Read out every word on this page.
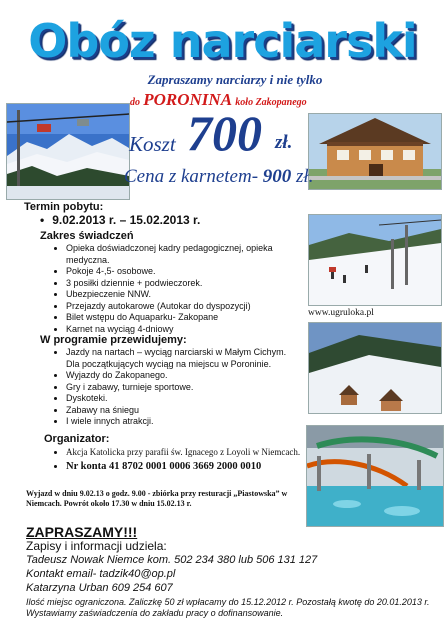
Obóz narciarski
Zapraszamy narciarzy i nie tylko
do PORONINA koło Zakopanego
Koszt 700 zł.
Cena z karnetem- 900 zł.
Termin pobytu:
• 9.02.2013 r. – 15.02.2013 r.
Zakres świadczeń
• Opieka doświadczonej kadry pedagogicznej, opieka medyczna.
• Pokoje 4-,5- osobowe.
• 3 posiłki dziennie + podwieczorek.
• Ubezpieczenie NNW.
• Przejazdy autokarowe (Autokar do dyspozycji)
• Bilet wstępu do Aquaparku- Zakopane
• Karnet na wyciąg 4-dniowy
W programie przewidujemy:
• Jazdy na nartach – wyciąg narciarski w Małym Cichym. Dla początkujących wyciąg na miejscu w Poroninie.
• Wyjazdy do Zakopanego.
• Gry i zabawy, turnieje sportowe.
• Dyskoteki.
• Zabawy na śniegu
• I wiele innych atrakcji.
Organizator:
• Akcja Katolicka przy parafii św. Ignacego z Loyoli w Niemcach.
• Nr konta 41 8702 0001 0006 3669 2000 0010
Wyjazd w dniu 9.02.13 o godz. 9.00 - zbiórka przy resturacji „Piastowska” w Niemcach. Powrót około 17.30 w dniu 15.02.13 r.
www.ugruloka.pl
ZAPRASZAMY!!!
Zapisy i informacji udziela:
Tadeusz Nowak Niemce kom. 502 234 380 lub 506 131 127
Kontakt email- tadzik40@op.pl
Katarzyna Urban 609 254 607
Ilość miejsc ograniczona. Zaliczkę 50 zł wpłacamy do 15.12.2012 r. Pozostałą kwotę do 20.01.2013 r. Wystawiamy zaświadczenia do zakładu pracy o dofinansowanie.
